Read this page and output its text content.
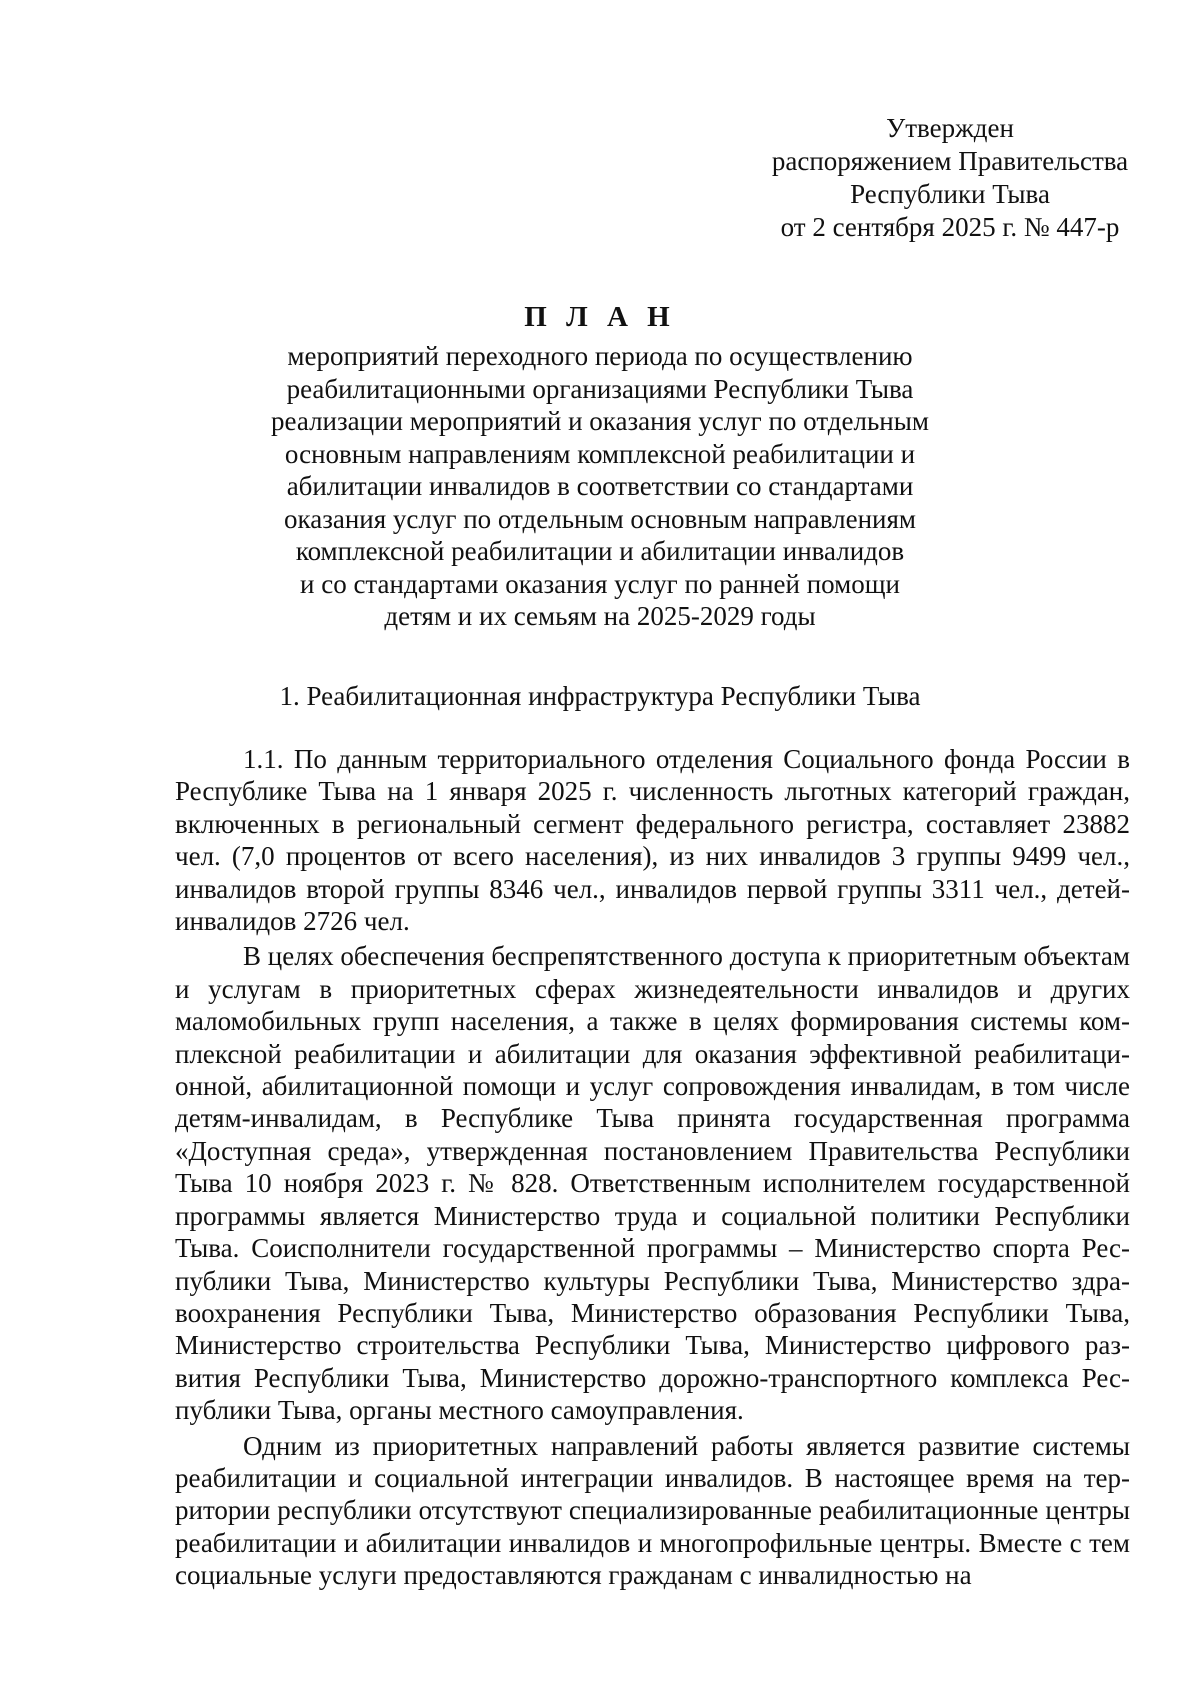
Утвержден
распоряжением Правительства
Республики Тыва
от 2 сентября 2025 г. № 447-р
П Л А Н
мероприятий переходного периода по осуществлению
реабилитационными организациями Республики Тыва
реализации мероприятий и оказания услуг по отдельным
основным направлениям комплексной реабилитации и
абилитации инвалидов в соответствии со стандартами
оказания услуг по отдельным основным направлениям
комплексной реабилитации и абилитации инвалидов
и со стандартами оказания услуг по ранней помощи
детям и их семьям на 2025-2029 годы
1. Реабилитационная инфраструктура Республики Тыва

1.1. По данным территориального отделения Социального фонда России в Республике Тыва на 1 января 2025 г. численность льготных категорий граждан, включенных в региональный сегмент федерального регистра, составляет 23882 чел. (7,0 процентов от всего населения), из них инвалидов 3 группы 9499 чел., инвалидов второй группы 8346 чел., инвалидов первой группы 3311 чел., детей-инвалидов 2726 чел.

В целях обеспечения беспрепятственного доступа к приоритетным объектам и услугам в приоритетных сферах жизнедеятельности инвалидов и других маломобильных групп населения, а также в целях формирования системы комплексной реабилитации и абилитации для оказания эффективной реабилитационной, абилитационной помощи и услуг сопровождения инвалидам, в том числе детям-инвалидам, в Республике Тыва принята государственная программа «Доступная среда», утвержденная постановлением Правительства Республики Тыва 10 ноября 2023 г. № 828. Ответственным исполнителем государственной программы является Министерство труда и социальной политики Республики Тыва. Соисполнители государственной программы – Министерство спорта Республики Тыва, Министерство культуры Республики Тыва, Министерство здравоохранения Республики Тыва, Министерство образования Республики Тыва, Министерство строительства Республики Тыва, Министерство цифрового развития Республики Тыва, Министерство дорожно-транспортного комплекса Республики Тыва, органы местного самоуправления.

Одним из приоритетных направлений работы является развитие системы реабилитации и социальной интеграции инвалидов. В настоящее время на территории республики отсутствуют специализированные реабилитационные центры реабилитации и абилитации инвалидов и многопрофильные центры. Вместе с тем социальные услуги предоставляются гражданам с инвалидностью на
